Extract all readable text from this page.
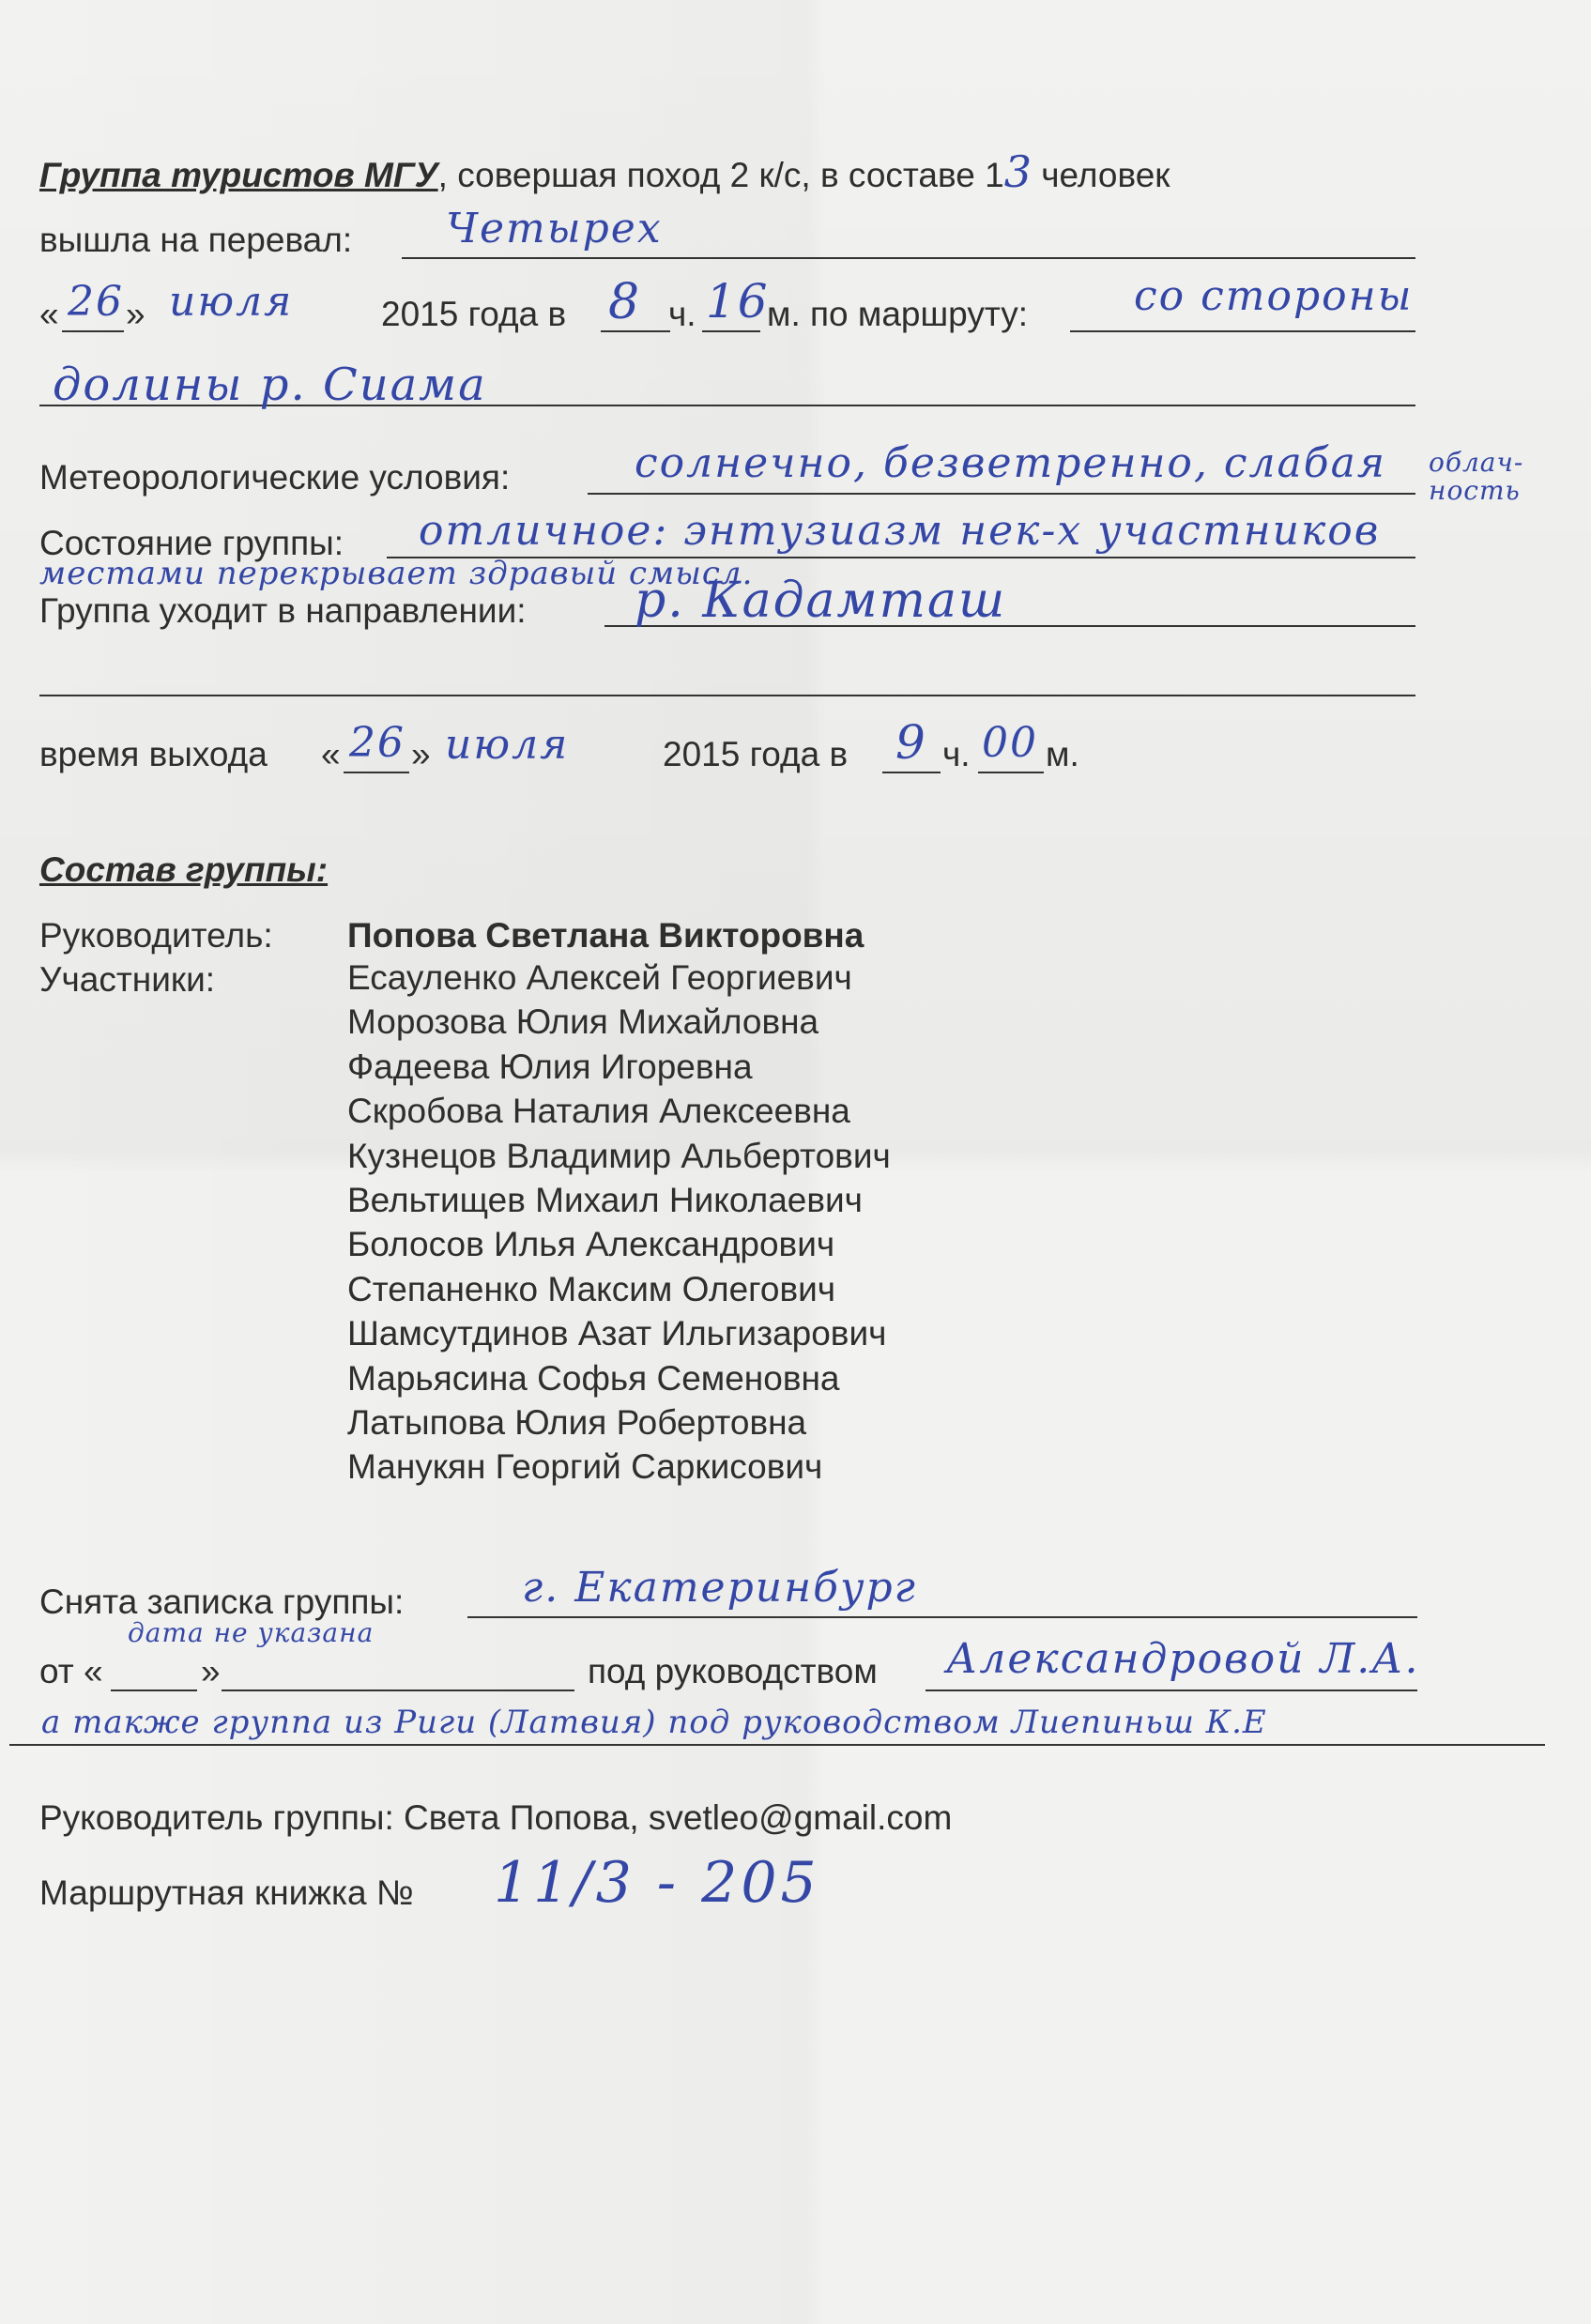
Группа туристов МГУ, совершая поход 2 к/с, в составе 13 человек
вышла на перевал: Четырех
« 26 » июля	2015 года в 8 ч. 16
м. по маршруту:	со стороны
долины р. Сиама
Метеорологические условия:	солнечно, безветренно, слабая облач-ность
Состояние группы: отличное: энтузиазм нек-х участников
местами перекрывает здравый смысл.
Группа уходит в направлении: р. Кадамташ
время выхода « 26 » июля	2015 года в 9 ч. 00 м.
Состав группы:
Руководитель: Попова Светлана Викторовна
Участники:	Есауленко Алексей Георгиевич
Морозова Юлия Михайловна
Фадеева Юлия Игоревна
Скробова Наталия Алексеевна
Кузнецов Владимир Альбертович
Вельтищев Михаил Николаевич
Болосов Илья Александрович
Степаненко Максим Олегович
Шамсутдинов Азат Ильгизарович
Марьясина Софья Семеновна
Латыпова Юлия Робертовна
Манукян Георгий Саркисович
Снята записка группы:	г. Екатеринбург
от «	»
дата не указана
под руководством Александровой Л.А.
а также группа из Риги (Латвия) под руководством Лиепиньш К.Е
Руководитель группы: Света Попова, svetleo@gmail.com
Маршрутная книжка № 11/3 - 205
